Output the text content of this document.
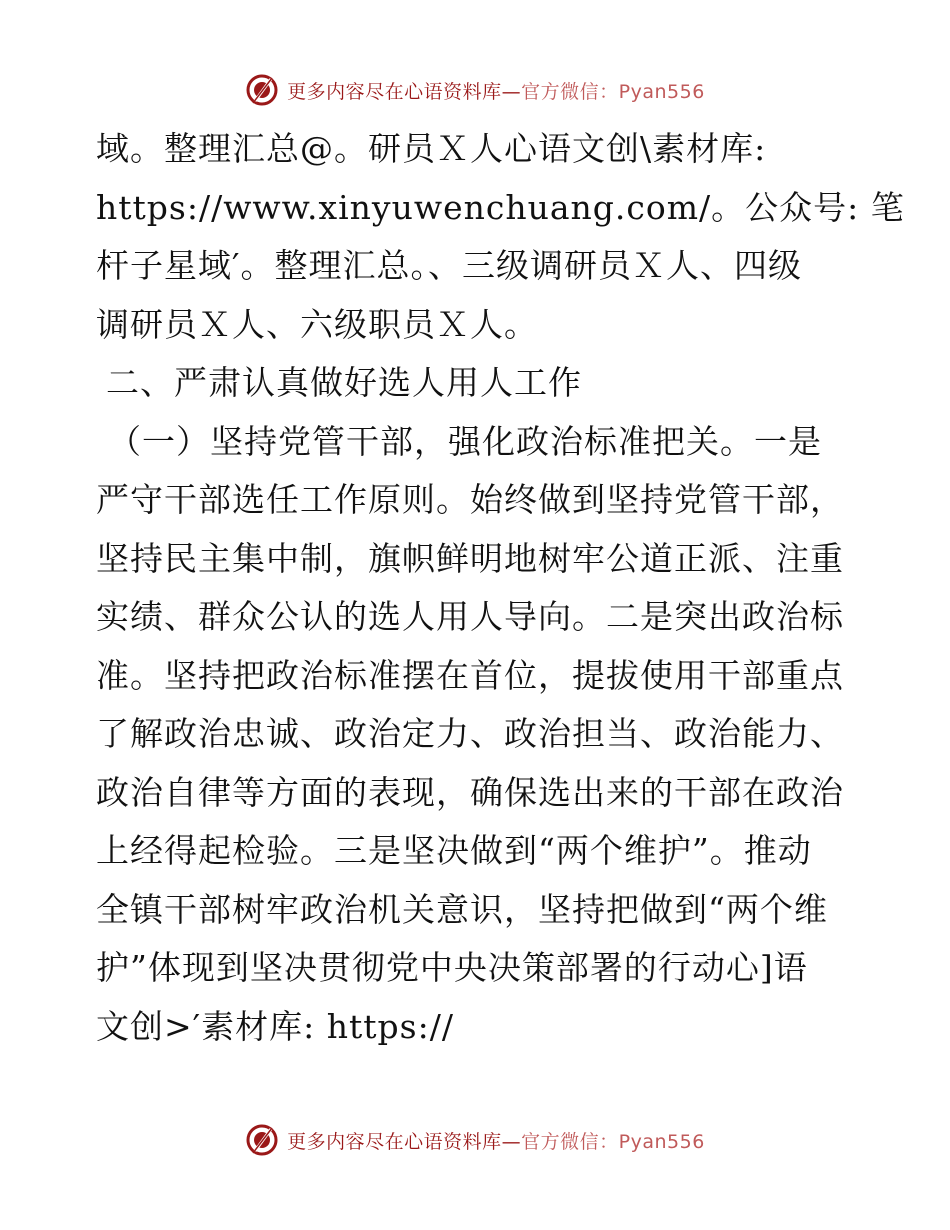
更多内容尽在心语资料库—官方微信：Pyan556
域。整理汇总@。研员Ｘ人心语文创\素材库:
https://www.xinyuwenchuang.com/。公众号: 笔
杆子星域′。整理汇总。、三级调研员Ｘ人、四级
调研员Ｘ人、六级职员Ｘ人。
二、严肃认真做好选人用人工作
（一）坚持党管干部，强化政治标准把关。一是
严守干部选任工作原则。始终做到坚持党管干部，
坚持民主集中制，旗帜鲜明地树牢公道正派、注重
实绩、群众公认的选人用人导向。二是突出政治标
准。坚持把政治标准摆在首位，提拔使用干部重点
了解政治忠诚、政治定力、政治担当、政治能力、
政治自律等方面的表现，确保选出来的干部在政治
上经得起检验。三是坚决做到“两个维护”。推动
全镇干部树牢政治机关意识，坚持把做到“两个维
护”体现到坚决贯彻党中央决策部署的行动心]语
文创>′素材库: https://
更多内容尽在心语资料库—官方微信：Pyan556
